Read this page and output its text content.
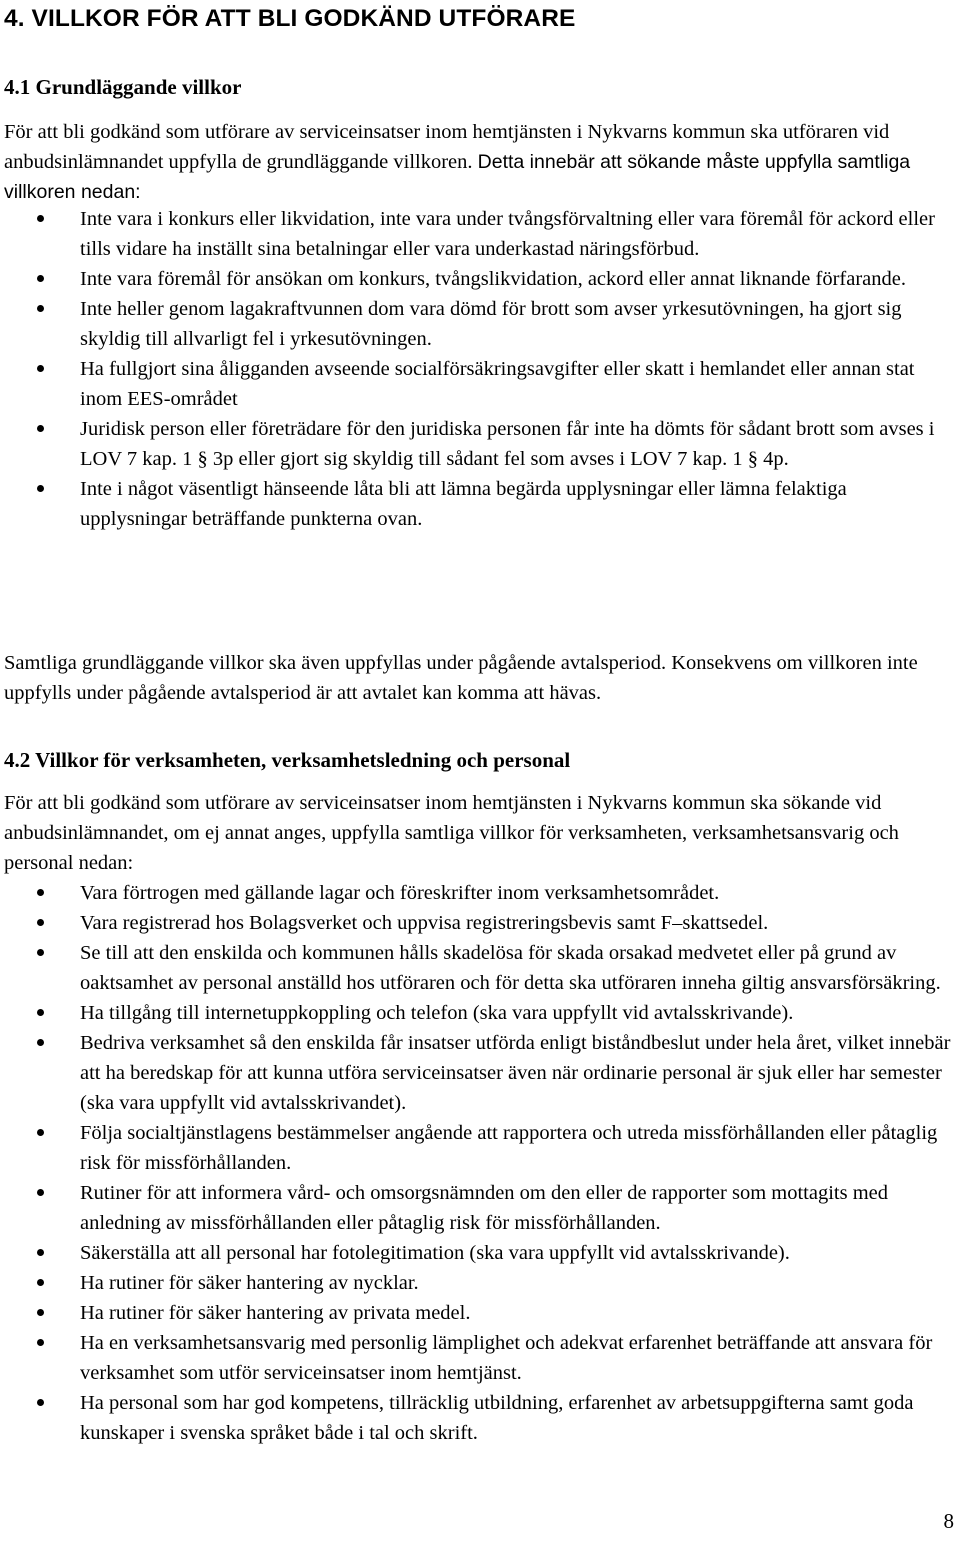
4. VILLKOR FÖR ATT BLI GODKÄND UTFÖRARE
4.1 Grundläggande villkor

För att bli godkänd som utförare av serviceinsatser inom hemtjänsten i Nykvarns kommun ska utföraren vid anbudsinlämnandet uppfylla de grundläggande villkoren. Detta innebär att sökande måste uppfylla samtliga villkoren nedan:

Inte vara i konkurs eller likvidation, inte vara under tvångsförvaltning eller vara föremål för ackord eller tills vidare ha inställt sina betalningar eller vara underkastad näringsförbud.
Inte vara föremål för ansökan om konkurs, tvångslikvidation, ackord eller annat liknande förfarande.
Inte heller genom lagakraftvunnen dom vara dömd för brott som avser yrkesutövningen, ha gjort sig skyldig till allvarligt fel i yrkesutövningen.
Ha fullgjort sina åligganden avseende socialförsäkringsavgifter eller skatt i hemlandet eller annan stat inom EES-området
Juridisk person eller företrädare för den juridiska personen får inte ha dömts för sådant brott som avses i LOV 7 kap. 1 § 3p eller gjort sig skyldig till sådant fel som avses i LOV 7 kap. 1 § 4p.
Inte i något väsentligt hänseende låta bli att lämna begärda upplysningar eller lämna felaktiga upplysningar beträffande punkterna ovan.

Samtliga grundläggande villkor ska även uppfyllas under pågående avtalsperiod. Konsekvens om villkoren inte uppfylls under pågående avtalsperiod är att avtalet kan komma att hävas.

4.2 Villkor för verksamheten, verksamhetsledning och personal

För att bli godkänd som utförare av serviceinsatser inom hemtjänsten i Nykvarns kommun ska sökande vid anbudsinlämnandet, om ej annat anges, uppfylla samtliga villkor för verksamheten, verksamhetsansvarig och personal nedan:

Vara förtrogen med gällande lagar och föreskrifter inom verksamhetsområdet.
Vara registrerad hos Bolagsverket och uppvisa registreringsbevis samt F–skattsedel.
Se till att den enskilda och kommunen hålls skadelösa för skada orsakad medvetet eller på grund av oaktsamhet av personal anställd hos utföraren och för detta ska utföraren inneha giltig ansvarsförsäkring.
Ha tillgång till internetuppkoppling och telefon (ska vara uppfyllt vid avtalsskrivande).
Bedriva verksamhet så den enskilda får insatser utförda enligt biståndbeslut under hela året, vilket innebär att ha beredskap för att kunna utföra serviceinsatser även när ordinarie personal är sjuk eller har semester (ska vara uppfyllt vid avtalsskrivandet).
Följa socialtjänstlagens bestämmelser angående att rapportera och utreda missförhållanden eller påtaglig risk för missförhållanden.
Rutiner för att informera vård- och omsorgsnämnden om den eller de rapporter som mottagits med anledning av missförhållanden eller påtaglig risk för missförhållanden.
Säkerställa att all personal har fotolegitimation (ska vara uppfyllt vid avtalsskrivande).
Ha rutiner för säker hantering av nycklar.
Ha rutiner för säker hantering av privata medel.
Ha en verksamhetsansvarig med personlig lämplighet och adekvat erfarenhet beträffande att ansvara för verksamhet som utför serviceinsatser inom hemtjänst.
Ha personal som har god kompetens, tillräcklig utbildning, erfarenhet av arbetsuppgifterna samt goda kunskaper i svenska språket både i tal och skrift.
8
